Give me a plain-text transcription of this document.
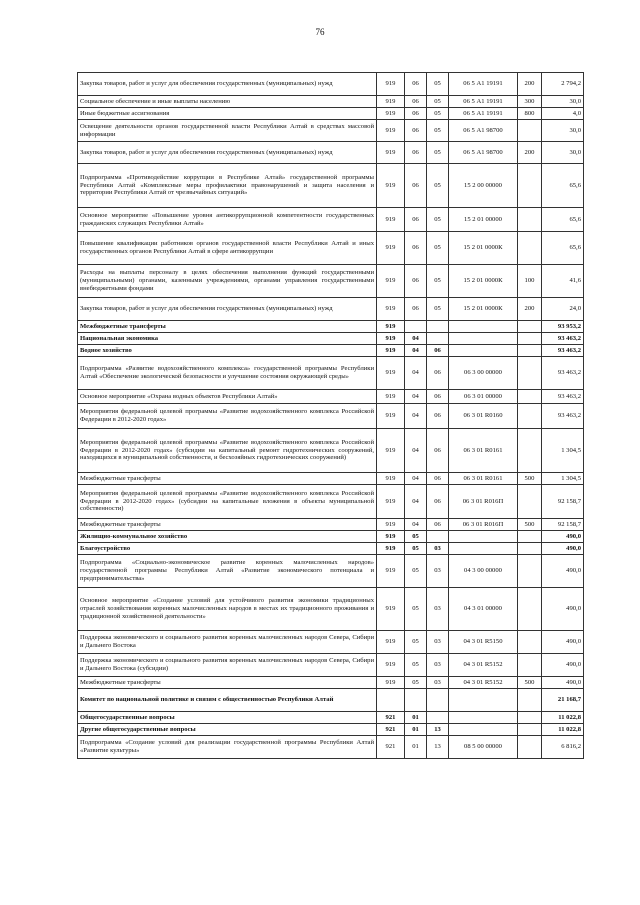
76
Закупка товаров, работ и услуг для обеспечения государственных (муниципальных) нужд	919	06	05	06 5 А1 19191	200	2 794,2
Социальное обеспечение и иные выплаты населению	919	06	05	06 5 А1 19191	300	30,0
Иные бюджетные ассигнования	919	06	05	06 5 А1 19191	800	4,0
Освещение деятельности органов государственной власти Республики Алтай в средствах массовой информации	919	06	05	06 5 А1 98700		30,0
Закупка товаров, работ и услуг для обеспечения государственных (муниципальных) нужд	919	06	05	06 5 А1 98700	200	30,0
Подпрограмма «Противодействие коррупции в Республике Алтай» государственной программы Республики Алтай «Комплексные меры профилактики правонарушений и защита населения и территории Республики Алтай от чрезвычайных ситуаций»	919	06	05	15 2 00 00000		65,6
Основное мероприятие «Повышение уровня антикоррупционной компетентности государственных гражданских служащих Республики Алтай»	919	06	05	15 2 01 00000		65,6
Повышение квалификации работников органов государственной власти Республики Алтай и иных государственных органов Республики Алтай в сфере антикоррупции	919	06	05	15 2 01 0000К		65,6
Расходы на выплаты персоналу в целях обеспечения выполнения функций государственными (муниципальными) органами, казенными учреждениями, органами управления государственными внебюджетными фондами	919	06	05	15 2 01 0000К	100	41,6
Закупка товаров, работ и услуг для обеспечения государственных (муниципальных) нужд	919	06	05	15 2 01 0000К	200	24,0
Межбюджетные трансферты	919					93 953,2
Национальная экономика	919	04				93 463,2
Водное хозяйство	919	04	06			93 463,2
Подпрограмма «Развитие водохозяйственного комплекса» государственной программы Республики Алтай «Обеспечение экологической безопасности и улучшение состояния окружающей среды»	919	04	06	06 3 00 00000		93 463,2
Основное мероприятие «Охрана водных объектов Республики Алтай»	919	04	06	06 3 01 00000		93 463,2
Мероприятия федеральной целевой программы «Развитие водохозяйственного комплекса Российской Федерации в 2012-2020 годах»	919	04	06	06 3 01 R0160		93 463,2
Мероприятия федеральной целевой программы «Развитие водохозяйственного комплекса Российской Федерации в 2012-2020 годах» (субсидии на капитальный ремонт гидротехнических сооружений, находящихся в муниципальной собственности, и бесхозяйных гидротехнических сооружений)	919	04	06	06 3 01 R0161		1 304,5
Межбюджетные трансферты	919	04	06	06 3 01 R0161	500	1 304,5
Мероприятия федеральной целевой программы «Развитие водохозяйственного комплекса Российской Федерации в 2012-2020 годах» (субсидии на капитальные вложения в объекты муниципальной собственности)	919	04	06	06 3 01 R016П		92 158,7
Межбюджетные трансферты	919	04	06	06 3 01 R016П	500	92 158,7
Жилищно-коммунальное хозяйство	919	05				490,0
Благоустройство	919	05	03			490,0
Подпрограмма «Социально-экономическое развитие коренных малочисленных народов» государственной программы Республики Алтай «Развитие экономического потенциала и предпринимательства»	919	05	03	04 3 00 00000		490,0
Основное мероприятие «Создание условий для устойчивого развития экономики традиционных отраслей хозяйствования коренных малочисленных народов в местах их традиционного проживания и традиционной хозяйственной деятельности»	919	05	03	04 3 01 00000		490,0
Поддержка экономического и социального развития коренных малочисленных народов Севера, Сибири и Дальнего Востока	919	05	03	04 3 01 R5150		490,0
Поддержка экономического и социального развития коренных малочисленных народов Севера, Сибири и Дальнего Востока (субсидии)	919	05	03	04 3 01 R5152		490,0
Межбюджетные трансферты	919	05	03	04 3 01 R5152	500	490,0
Комитет по национальной политике и связям с общественностью Республики Алтай						21 168,7
Общегосударственные вопросы	921	01				11 022,8
Другие общегосударственные вопросы	921	01	13			11 022,8
Подпрограмма «Создание условий для реализации государственной программы Республики Алтай «Развитие культуры»	921	01	13	08 5 00 00000		6 816,2
